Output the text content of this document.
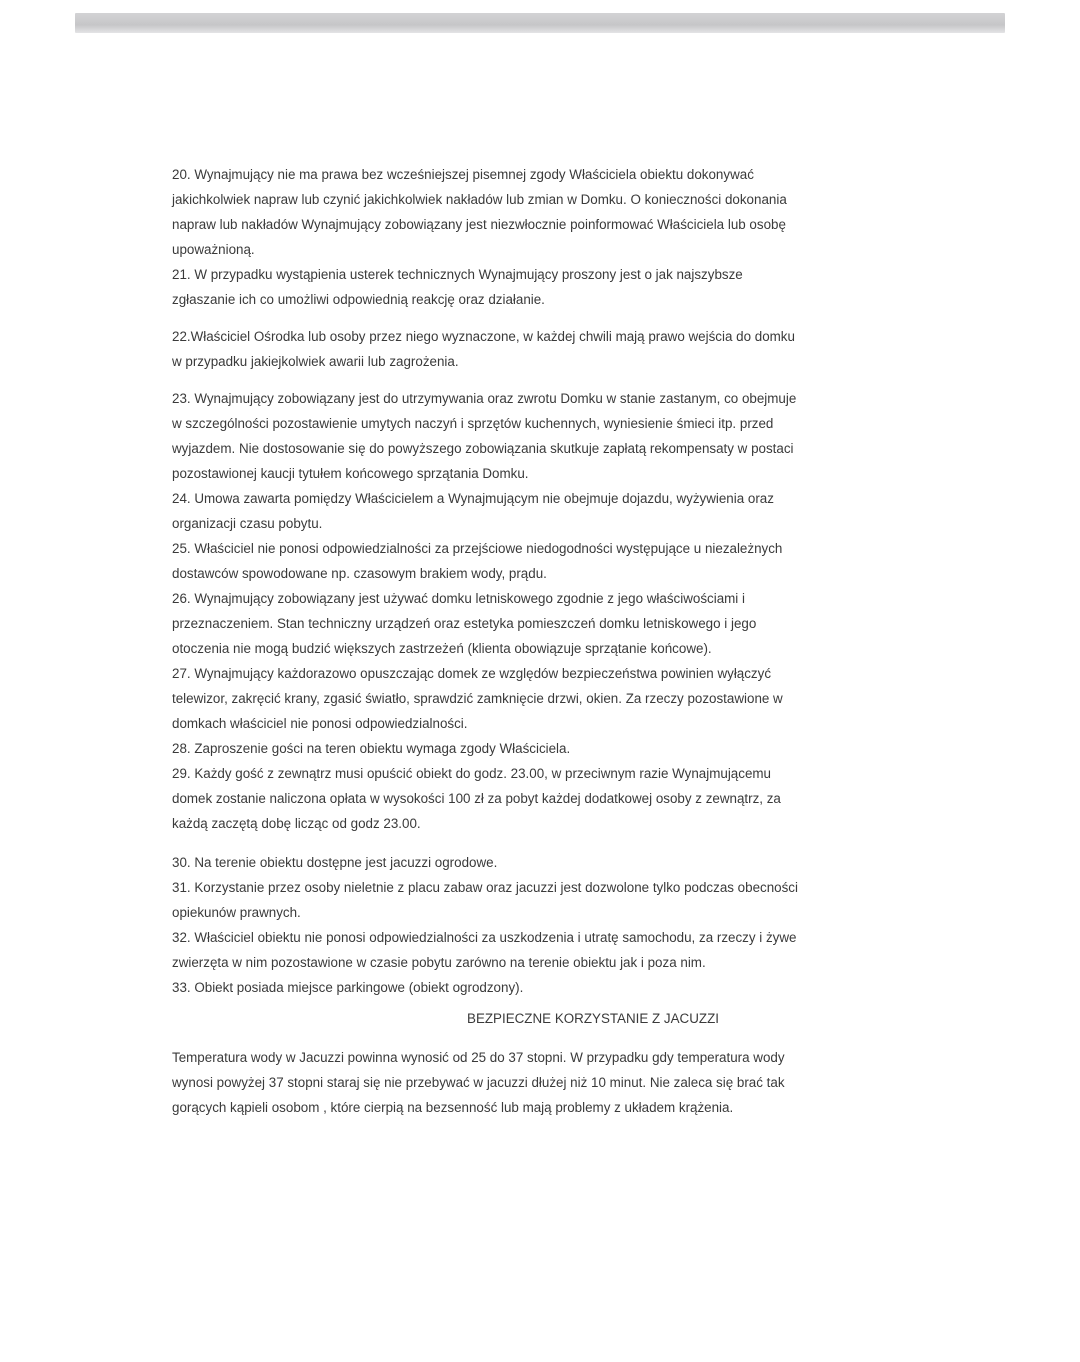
20. Wynajmujący nie ma prawa bez wcześniejszej pisemnej zgody Właściciela obiektu dokonywać
jakichkolwiek napraw lub czynić jakichkolwiek nakładów lub zmian w Domku. O konieczności dokonania
napraw lub nakładów Wynajmujący zobowiązany jest niezwłocznie poinformować Właściciela lub osobę
upoważnioną.

21. W przypadku wystąpienia usterek technicznych Wynajmujący proszony jest o jak najszybsze
zgłaszanie ich co umożliwi odpowiednią reakcję oraz działanie.

22.Właściciel Ośrodka lub osoby przez niego wyznaczone, w każdej chwili mają prawo wejścia do domku
w przypadku jakiejkolwiek awarii lub zagrożenia.

23. Wynajmujący zobowiązany jest do utrzymywania oraz zwrotu Domku w stanie zastanym, co obejmuje
w szczególności pozostawienie umytych naczyń i sprzętów kuchennych, wyniesienie śmieci itp. przed
wyjazdem. Nie dostosowanie się do powyższego zobowiązania skutkuje zapłatą rekompensaty w postaci
pozostawionej kaucji tytułem końcowego sprzątania Domku.

24. Umowa zawarta pomiędzy Właścicielem a Wynajmującym nie obejmuje dojazdu, wyżywienia oraz
organizacji czasu pobytu.

25. Właściciel nie ponosi odpowiedzialności za przejściowe niedogodności występujące u niezależnych
dostawców spowodowane np. czasowym brakiem wody, prądu.

26. Wynajmujący zobowiązany jest używać domku letniskowego zgodnie z jego właściwościami i
przeznaczeniem. Stan techniczny urządzeń oraz estetyka pomieszczeń domku letniskowego i jego
otoczenia nie mogą budzić większych zastrzeżeń (klienta obowiązuje sprzątanie końcowe).

27. Wynajmujący każdorazowo opuszczając domek ze względów bezpieczeństwa powinien wyłączyć
telewizor, zakręcić krany, zgasić światło, sprawdzić zamknięcie drzwi, okien. Za rzeczy pozostawione w
domkach właściciel nie ponosi odpowiedzialności.

28. Zaproszenie gości na teren obiektu wymaga zgody Właściciela.

29. Każdy gość z zewnątrz musi opuścić obiekt do godz. 23.00, w przeciwnym razie Wynajmującemu
domek zostanie naliczona opłata w wysokości 100 zł za pobyt każdej dodatkowej osoby z zewnątrz, za
każdą zaczętą dobę licząc od godz 23.00.

30. Na terenie obiektu dostępne jest jacuzzi ogrodowe.

31. Korzystanie przez osoby nieletnie z placu zabaw oraz jacuzzi jest dozwolone tylko podczas obecności
opiekunów prawnych.

32. Właściciel obiektu nie ponosi odpowiedzialności za uszkodzenia i utratę samochodu, za rzeczy i żywe
zwierzęta w nim pozostawione w czasie pobytu zarówno na terenie obiektu jak i poza nim.

33. Obiekt posiada miejsce parkingowe (obiekt ogrodzony).

BEZPIECZNE KORZYSTANIE Z JACUZZI

Temperatura wody w Jacuzzi powinna wynosić od 25 do 37 stopni. W przypadku gdy temperatura wody
wynosi powyżej 37 stopni staraj się nie przebywać w jacuzzi dłużej niż 10 minut. Nie zaleca się brać tak
gorących kąpieli osobom , które cierpią na bezsenność lub mają problemy z układem krążenia.
